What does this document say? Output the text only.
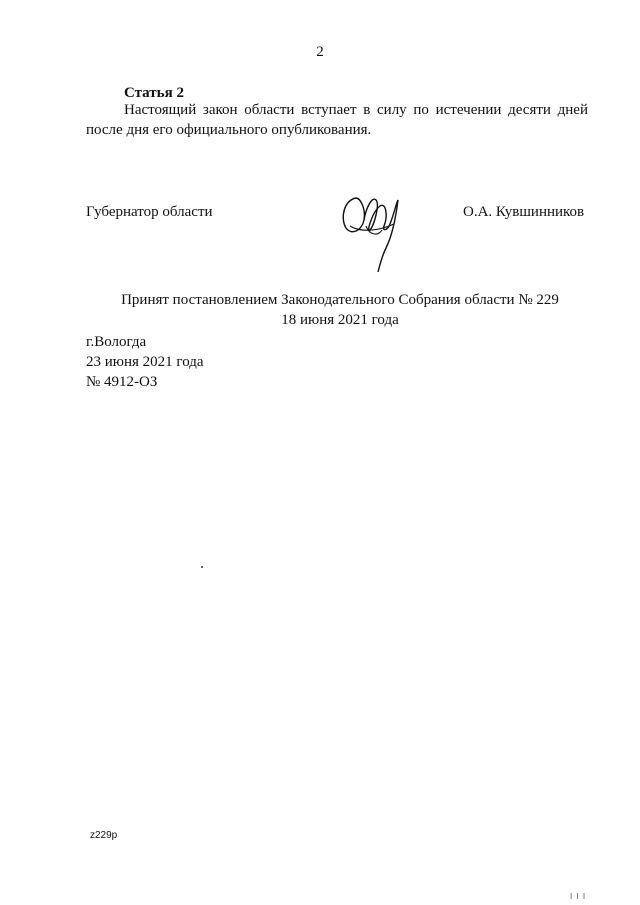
2
Статья 2
Настоящий закон области вступает в силу по истечении десяти дней
после дня его официального опубликования.
Губернатор области	О.А. Кувшинников
Принят постановлением Законодательного Собрания области № 229
18 июня 2021 года
г.Вологда
23 июня 2021 года
№ 4912-ОЗ
z229p
I I I
